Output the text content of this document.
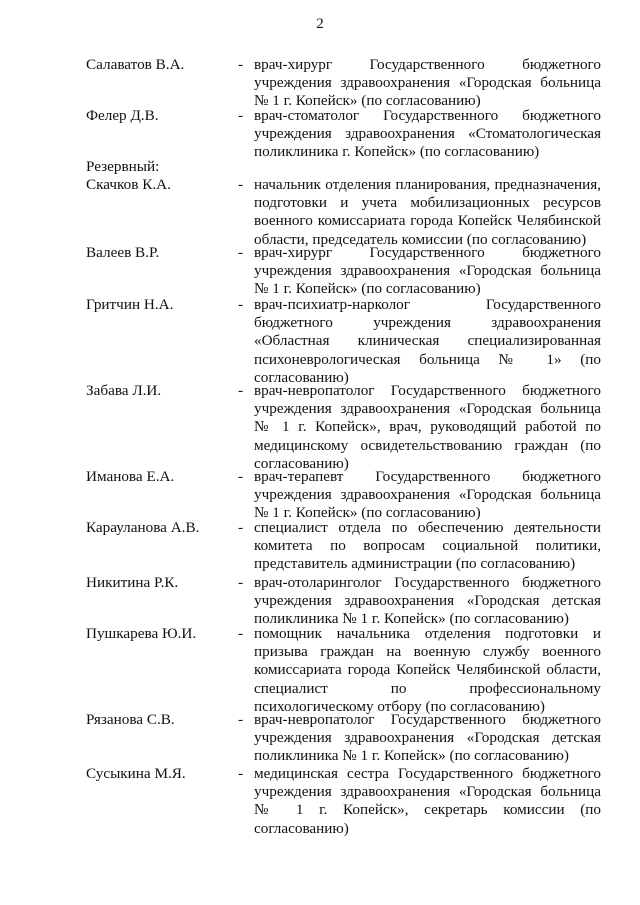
2
Салаватов В.А.	- врач-хирург Государственного бюджетного учреждения здравоохранения «Городская больница № 1 г. Копейск» (по согласованию)
Фелер Д.В.	- врач-стоматолог Государственного бюджетного учреждения здравоохранения «Стоматологическая поликлиника г. Копейск» (по согласованию)
Резервный:
Скачков К.А.	- начальник отделения планирования, предназначения, подготовки и учета мобилизационных ресурсов военного комиссариата города Копейск Челябинской области, председатель комиссии (по согласованию)
Валеев В.Р.	- врач-хирург Государственного бюджетного учреждения здравоохранения «Городская больница № 1 г. Копейск» (по согласованию)
Гритчин Н.А.	- врач-психиатр-нарколог Государственного бюджетного учреждения здравоохранения «Областная клиническая специализированная психоневрологическая больница № 1» (по согласованию)
Забава Л.И.	- врач-невропатолог Государственного бюджетного учреждения здравоохранения «Городская больница № 1 г. Копейск», врач, руководящий работой по медицинскому освидетельствованию граждан (по согласованию)
Иманова Е.А.	- врач-терапевт Государственного бюджетного учреждения здравоохранения «Городская больница № 1 г. Копейск» (по согласованию)
Карауланова А.В.	- специалист отдела по обеспечению деятельности комитета по вопросам социальной политики, представитель администрации (по согласованию)
Никитина Р.К.	- врач-отоларинголог Государственного бюджетного учреждения здравоохранения «Городская детская поликлиника № 1 г. Копейск» (по согласованию)
Пушкарева Ю.И.	- помощник начальника отделения подготовки и призыва граждан на военную службу военного комиссариата города Копейск Челябинской области, специалист по профессиональному психологическому отбору (по согласованию)
Рязанова С.В.	- врач-невропатолог Государственного бюджетного учреждения здравоохранения «Городская детская поликлиника № 1 г. Копейск» (по согласованию)
Сусыкина М.Я.	- медицинская сестра Государственного бюджетного учреждения здравоохранения «Городская больница № 1 г. Копейск», секретарь комиссии (по согласованию)
